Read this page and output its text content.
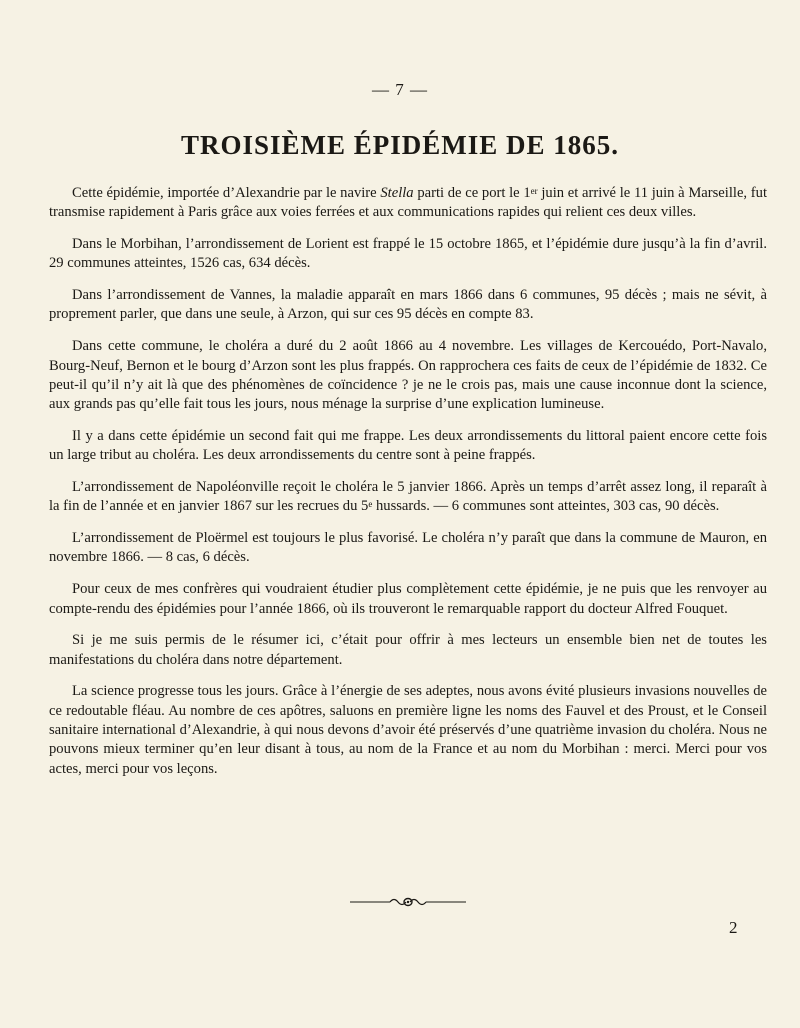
— 7 —
TROISIÈME ÉPIDÉMIE DE 1865.

Cette épidémie, importée d’Alexandrie par le navire Stella parti de ce port le 1er juin et arrivé le 11 juin à Marseille, fut transmise rapidement à Paris grâce aux voies ferrées et aux communications rapides qui relient ces deux villes.

Dans le Morbihan, l’arrondissement de Lorient est frappé le 15 octobre 1865, et l’épidémie dure jusqu’à la fin d’avril. 29 communes atteintes, 1526 cas, 634 décès.

Dans l’arrondissement de Vannes, la maladie apparaît en mars 1866 dans 6 communes, 95 décès ; mais ne sévit, à proprement parler, que dans une seule, à Arzon, qui sur ces 95 décès en compte 83.

Dans cette commune, le choléra a duré du 2 août 1866 au 4 novembre. Les villages de Kercouédo, Port-Navalo, Bourg-Neuf, Bernon et le bourg d’Arzon sont les plus frappés. On rapprochera ces faits de ceux de l’épidémie de 1832. Ce peut-il qu’il n’y ait là que des phénomènes de coïncidence ? je ne le crois pas, mais une cause inconnue dont la science, aux grands pas qu’elle fait tous les jours, nous ménage la surprise d’une explication lumineuse.

Il y a dans cette épidémie un second fait qui me frappe. Les deux arrondissements du littoral paient encore cette fois un large tribut au choléra. Les deux arrondissements du centre sont à peine frappés.

L’arrondissement de Napoléonville reçoit le choléra le 5 janvier 1866. Après un temps d’arrêt assez long, il reparaît à la fin de l’année et en janvier 1867 sur les recrues du 5e hussards. — 6 communes sont atteintes, 303 cas, 90 décès.

L’arrondissement de Ploërmel est toujours le plus favorisé. Le choléra n’y paraît que dans la commune de Mauron, en novembre 1866. — 8 cas, 6 décès.

Pour ceux de mes confrères qui voudraient étudier plus complètement cette épidémie, je ne puis que les renvoyer au compte-rendu des épidémies pour l’année 1866, où ils trouveront le remarquable rapport du docteur Alfred Fouquet.

Si je me suis permis de le résumer ici, c’était pour offrir à mes lecteurs un ensemble bien net de toutes les manifestations du choléra dans notre département.

La science progresse tous les jours. Grâce à l’énergie de ses adeptes, nous avons évité plusieurs invasions nouvelles de ce redoutable fléau. Au nombre de ces apôtres, saluons en première ligne les noms des Fauvel et des Proust, et le Conseil sanitaire international d’Alexandrie, à qui nous devons d’avoir été préservés d’une quatrième invasion du choléra. Nous ne pouvons mieux terminer qu’en leur disant à tous, au nom de la France et au nom du Morbihan : merci. Merci pour vos actes, merci pour vos leçons.

2
